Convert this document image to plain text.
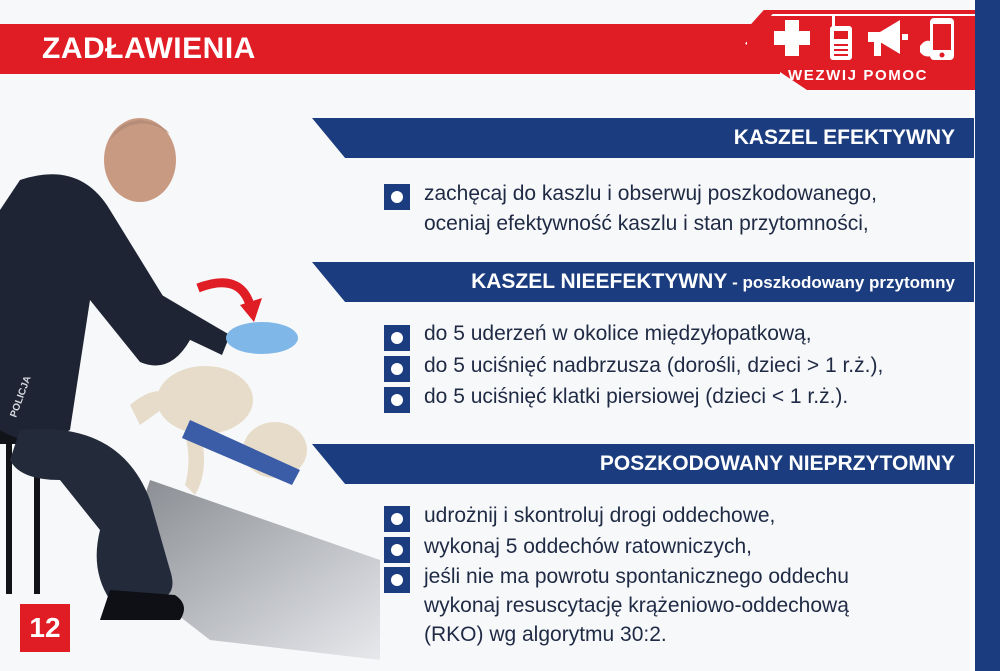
ZADŁAWIENIA
WEZWIJ POMOC
POLICJA
KASZEL EFEKTYWNY
zachęcaj do kaszlu i obserwuj poszkodowanego,
oceniaj efektywność kaszlu i stan przytomności,
KASZEL NIEEFEKTYWNY - poszkodowany przytomny
do 5 uderzeń w okolice międzyłopatkową,
do 5 uciśnięć nadbrzusza (dorośli, dzieci > 1 r.ż.),
do 5 uciśnięć klatki piersiowej (dzieci < 1 r.ż.).
POSZKODOWANY NIEPRZYTOMNY
udrożnij i skontroluj drogi oddechowe,
wykonaj 5 oddechów ratowniczych,
jeśli nie ma powrotu spontanicznego oddechu
wykonaj resuscytację krążeniowo-oddechową
(RKO) wg algorytmu 30:2.
12
